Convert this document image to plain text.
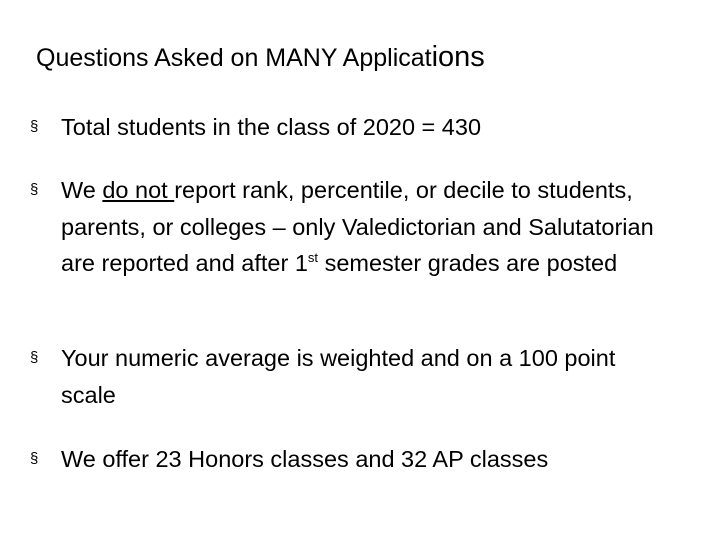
Questions Asked on MANY Applications
§ Total students in the class of 2020 = 430
§ We do not report rank, percentile, or decile to students, parents, or colleges – only Valedictorian and Salutatorian are reported and after 1st semester grades are posted
§ Your numeric average is weighted and on a 100 point scale
§ We offer 23 Honors classes and 32 AP classes
